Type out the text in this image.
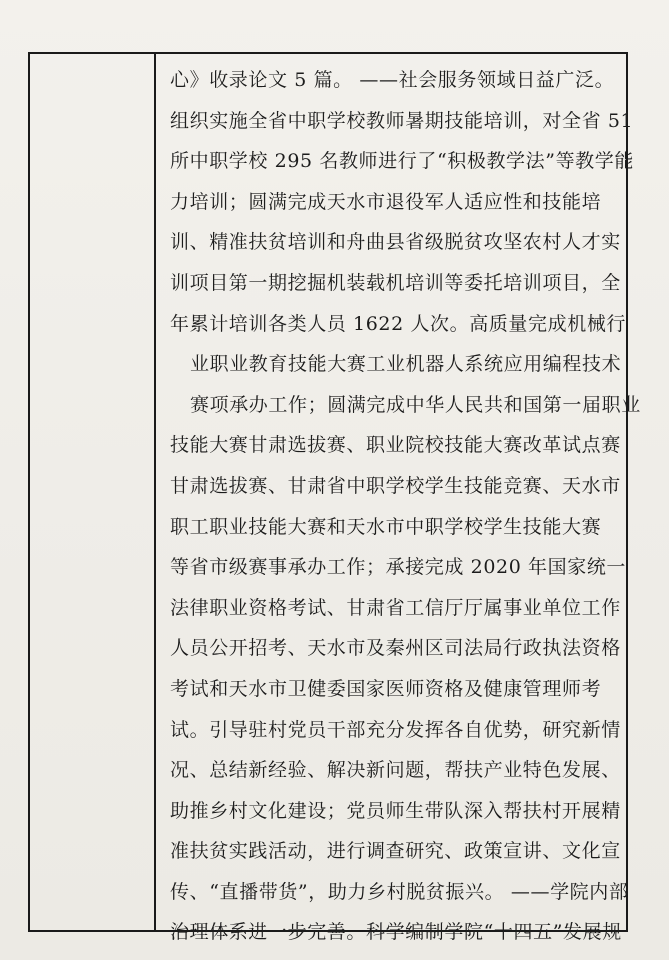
心》收录论文 5 篇。 ——社会服务领域日益广泛。
组织实施全省中职学校教师暑期技能培训，对全省 51
所中职学校 295 名教师进行了“积极教学法”等教学能
力培训；圆满完成天水市退役军人适应性和技能培
训、精准扶贫培训和舟曲县省级脱贫攻坚农村人才实
训项目第一期挖掘机装载机培训等委托培训项目，全
年累计培训各类人员 1622 人次。高质量完成机械行
业职业教育技能大赛工业机器人系统应用编程技术
赛项承办工作；圆满完成中华人民共和国第一届职业
技能大赛甘肃选拔赛、职业院校技能大赛改革试点赛
甘肃选拔赛、甘肃省中职学校学生技能竞赛、天水市
职工职业技能大赛和天水市中职学校学生技能大赛
等省市级赛事承办工作；承接完成 2020 年国家统一
法律职业资格考试、甘肃省工信厅厅属事业单位工作
人员公开招考、天水市及秦州区司法局行政执法资格
考试和天水市卫健委国家医师资格及健康管理师考
试。引导驻村党员干部充分发挥各自优势，研究新情
况、总结新经验、解决新问题，帮扶产业特色发展、
助推乡村文化建设；党员师生带队深入帮扶村开展精
准扶贫实践活动，进行调查研究、政策宣讲、文化宣
传、“直播带货”，助力乡村脱贫振兴。 ——学院内部
治理体系进一步完善。科学编制学院“十四五”发展规
